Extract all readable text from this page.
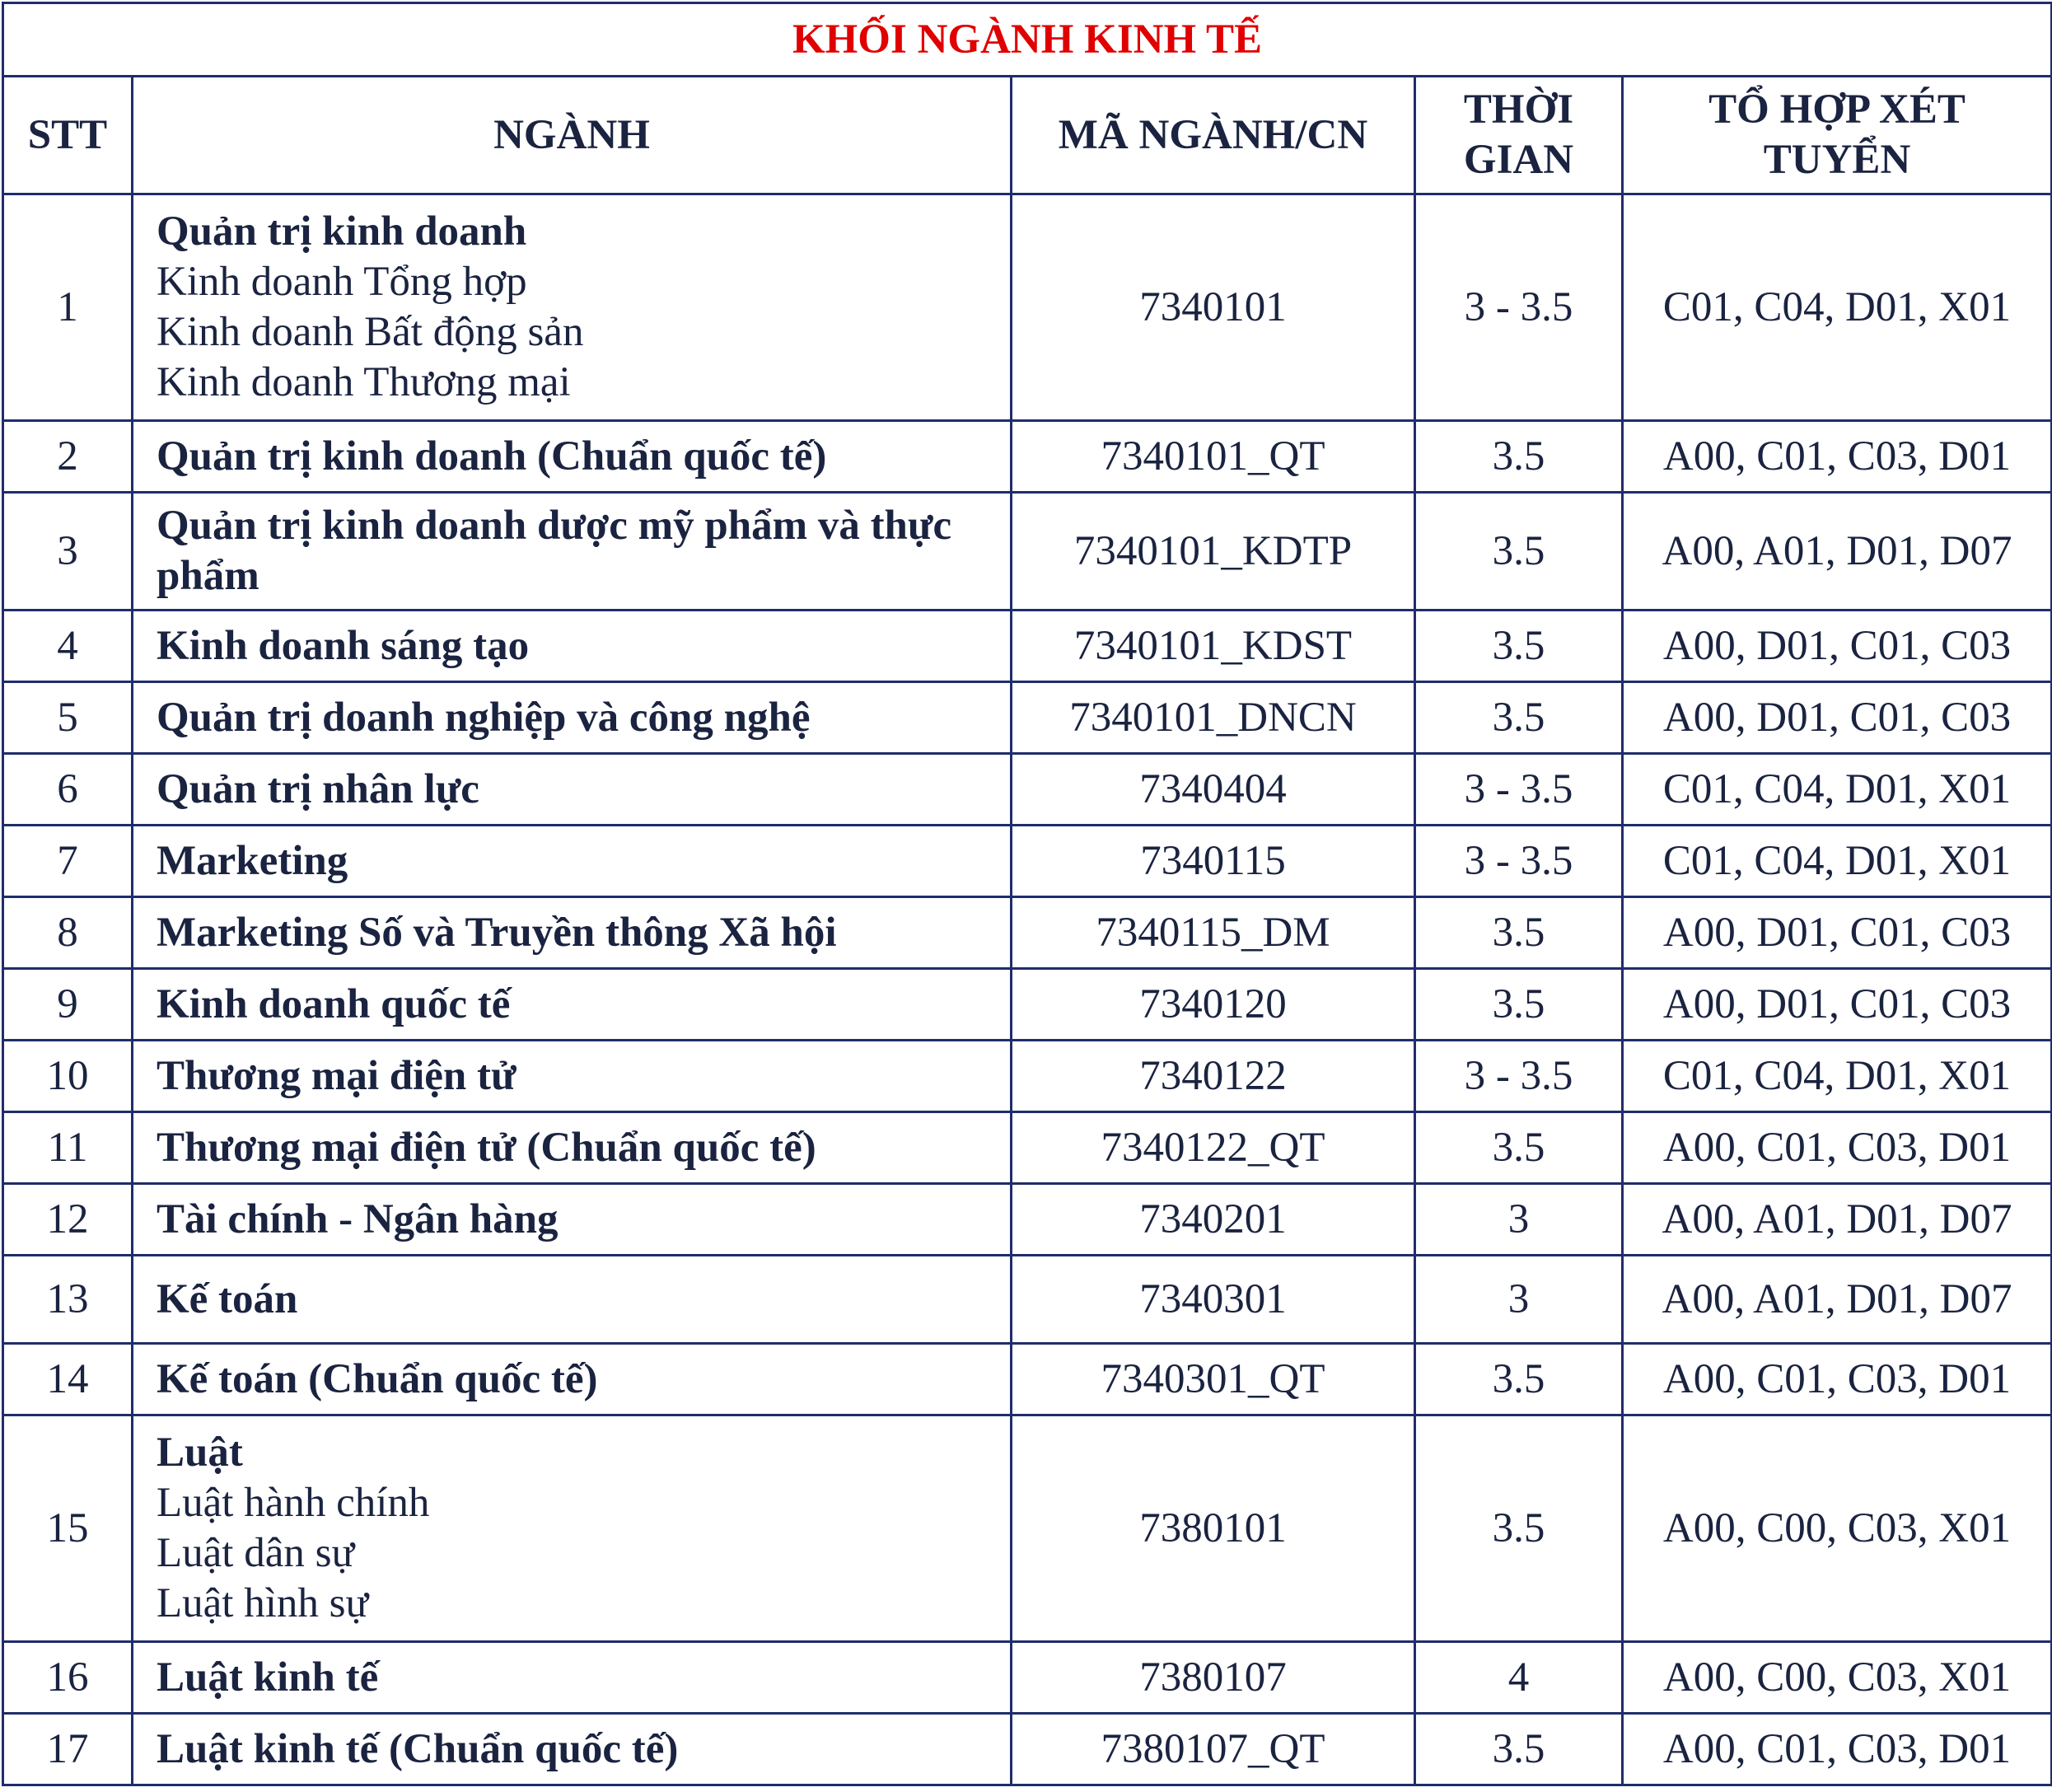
KHỐI NGÀNH KINH TẾ				
STT	NGÀNH	MÃ NGÀNH/CN	THỜI GIAN	TỔ HỢP XÉT TUYỂN
1	Quản trị kinh doanh
Kinh doanh Tổng hợp
Kinh doanh Bất động sản
Kinh doanh Thương mại	7340101	3 - 3.5	C01, C04, D01, X01
2	Quản trị kinh doanh (Chuẩn quốc tế)	7340101_QT	3.5	A00, C01, C03, D01
3	Quản trị kinh doanh dược mỹ phẩm và thực phẩm	7340101_KDTP	3.5	A00, A01, D01, D07
4	Kinh doanh sáng tạo	7340101_KDST	3.5	A00, D01, C01, C03
5	Quản trị doanh nghiệp và công nghệ	7340101_DNCN	3.5	A00, D01, C01, C03
6	Quản trị nhân lực	7340404	3 - 3.5	C01, C04, D01, X01
7	Marketing	7340115	3 - 3.5	C01, C04, D01, X01
8	Marketing Số và Truyền thông Xã hội	7340115_DM	3.5	A00, D01, C01, C03
9	Kinh doanh quốc tế	7340120	3.5	A00, D01, C01, C03
10	Thương mại điện tử	7340122	3 - 3.5	C01, C04, D01, X01
11	Thương mại điện tử (Chuẩn quốc tế)	7340122_QT	3.5	A00, C01, C03, D01
12	Tài chính - Ngân hàng	7340201	3	A00, A01, D01, D07
13	Kế toán	7340301	3	A00, A01, D01, D07
14	Kế toán (Chuẩn quốc tế)	7340301_QT	3.5	A00, C01, C03, D01
15	Luật
Luật hành chính
Luật dân sự
Luật hình sự	7380101	3.5	A00, C00, C03, X01
16	Luật kinh tế	7380107	4	A00, C00, C03, X01
17	Luật kinh tế (Chuẩn quốc tế)	7380107_QT	3.5	A00, C01, C03, D01
